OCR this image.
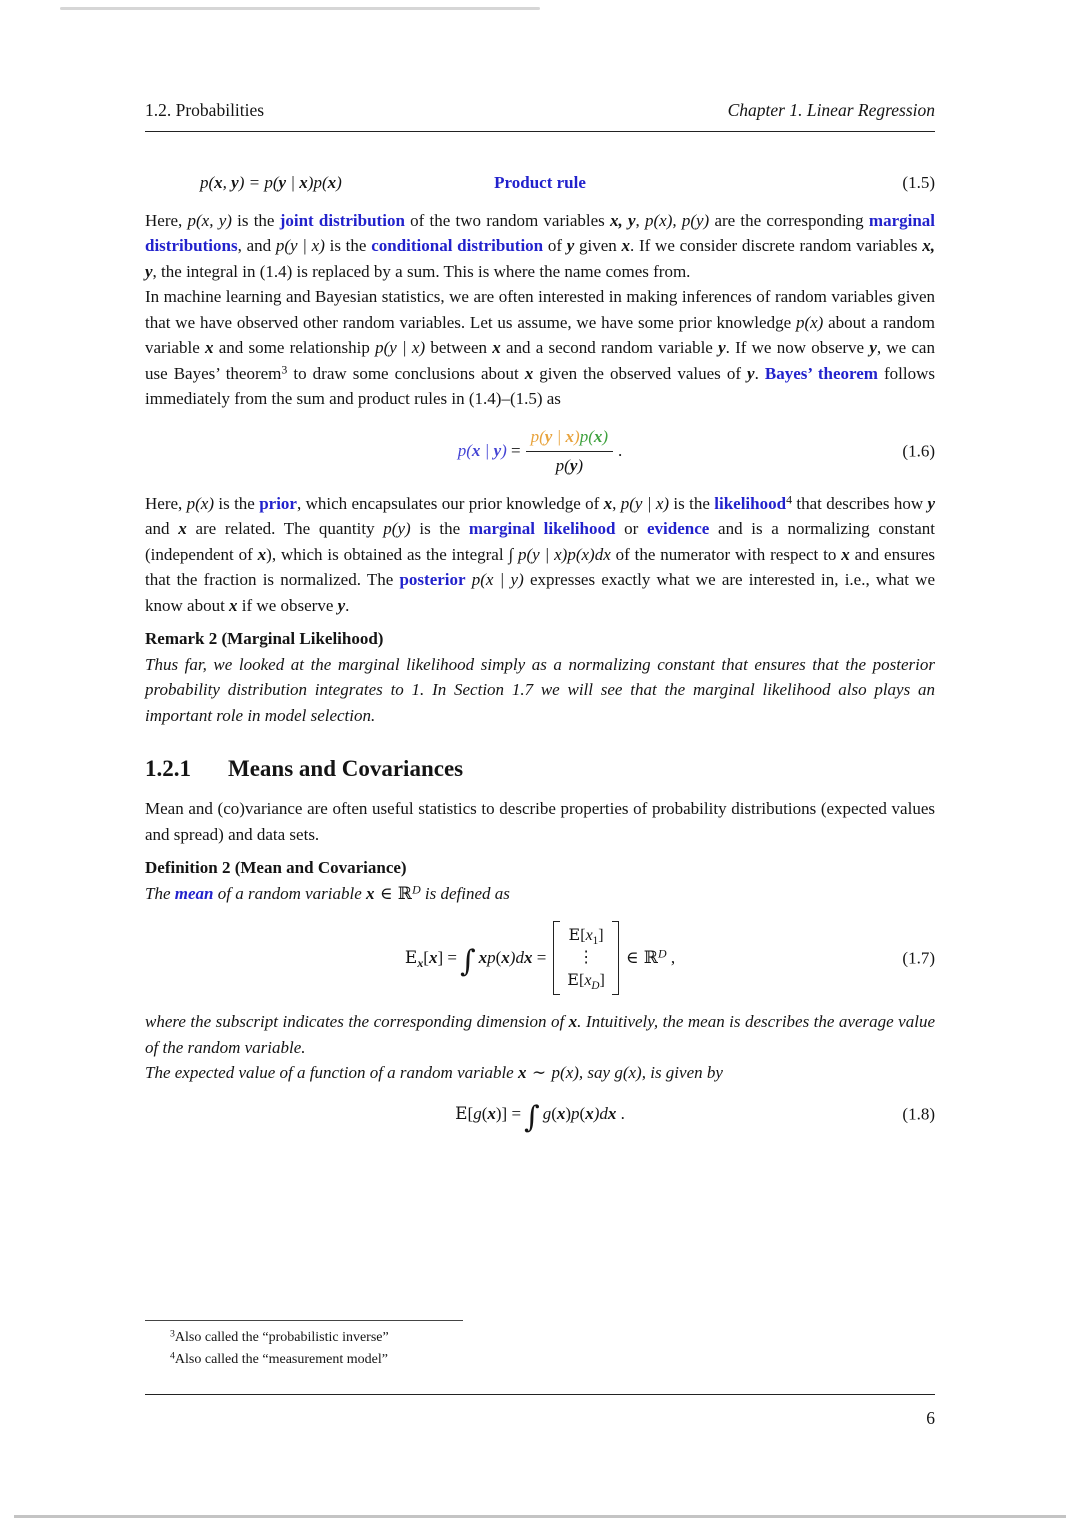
1.2. Probabilities	Chapter 1. Linear Regression
p(x, y) = p(y | x)p(x)	Product rule	(1.5)

Here, p(x, y) is the joint distribution of the two random variables x, y, p(x), p(y) are the corresponding marginal distributions, and p(y | x) is the conditional distribution of y given x. If we consider discrete random variables x, y, the integral in (1.4) is replaced by a sum. This is where the name comes from.

In machine learning and Bayesian statistics, we are often interested in making inferences of random variables given that we have observed other random variables. Let us assume, we have some prior knowledge p(x) about a random variable x and some relationship p(y | x) between x and a second random variable y. If we now observe y, we can use Bayes’ theorem$^3$ to draw some conclusions about x given the observed values of y. Bayes’ theorem follows immediately from the sum and product rules in (1.4)–(1.5) as

p(x | $y) = \frac{p(y | x)p(x)}{p(y)}$ .	(1.6)

Here, p(x) is the prior, which encapsulates our prior knowledge of x, p(y | x) is the likelihood$^4$ that describes how y and x are related. The quantity p(y) is the marginal likelihood or evidence and is a normalizing constant (independent of x), which is obtained as the integral ∫ p(y | x)p(x)dx of the numerator with respect to x and ensures that the fraction is normalized. The posterior p(x | y) expresses exactly what we are interested in, i.e., what we know about x if we observe y.

Remark 2 (Marginal Likelihood)

Thus far, we looked at the marginal likelihood simply as a normalizing constant that ensures that the posterior probability distribution integrates to 1. In Section 1.7 we will see that the marginal likelihood also plays an important role in model selection.

1.2.1 Means and Covariances

Mean and (co)variance are often useful statistics to describe properties of probability distributions (expected values and spread) and data sets.

Definition 2 (Mean and Covariance)

The mean of a random variable x ∈ ℝ$^D$ is defined as

$E_x[x]$ = ∫ xp(x)dx =
$E[x_1]$
⋮
$E[x_D]$
∈ ℝ$^D$ ,	(1.7)

where the subscript indicates the corresponding dimension of x. Intuitively, the mean is describes the average value of the random variable.

The expected value of a function of a random variable x ∼ p(x), say g(x), is given by

E[g(x)] = ∫ g(x)p(x)dx .	(1.8)
$^3$Also called the “probabilistic inverse”
$^4$Also called the “measurement model”
6
